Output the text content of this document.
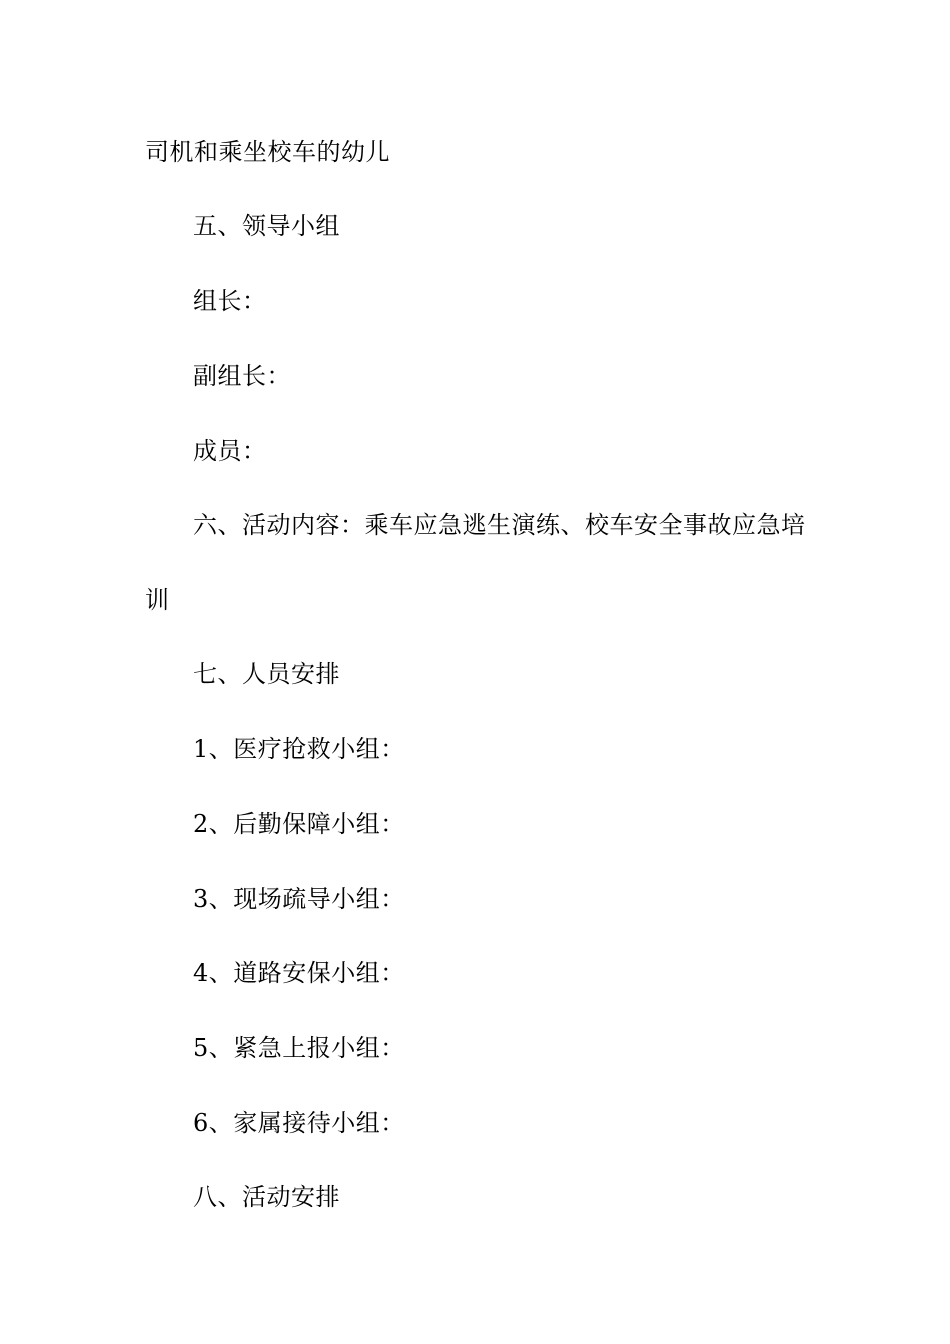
司机和乘坐校车的幼儿
五、领导小组
组长：
副组长：
成员：
六、活动内容：乘车应急逃生演练、校车安全事故应急培
训
七、人员安排
1、医疗抢救小组：
2、后勤保障小组：
3、现场疏导小组：
4、道路安保小组：
5、紧急上报小组：
6、家属接待小组：
八、活动安排
